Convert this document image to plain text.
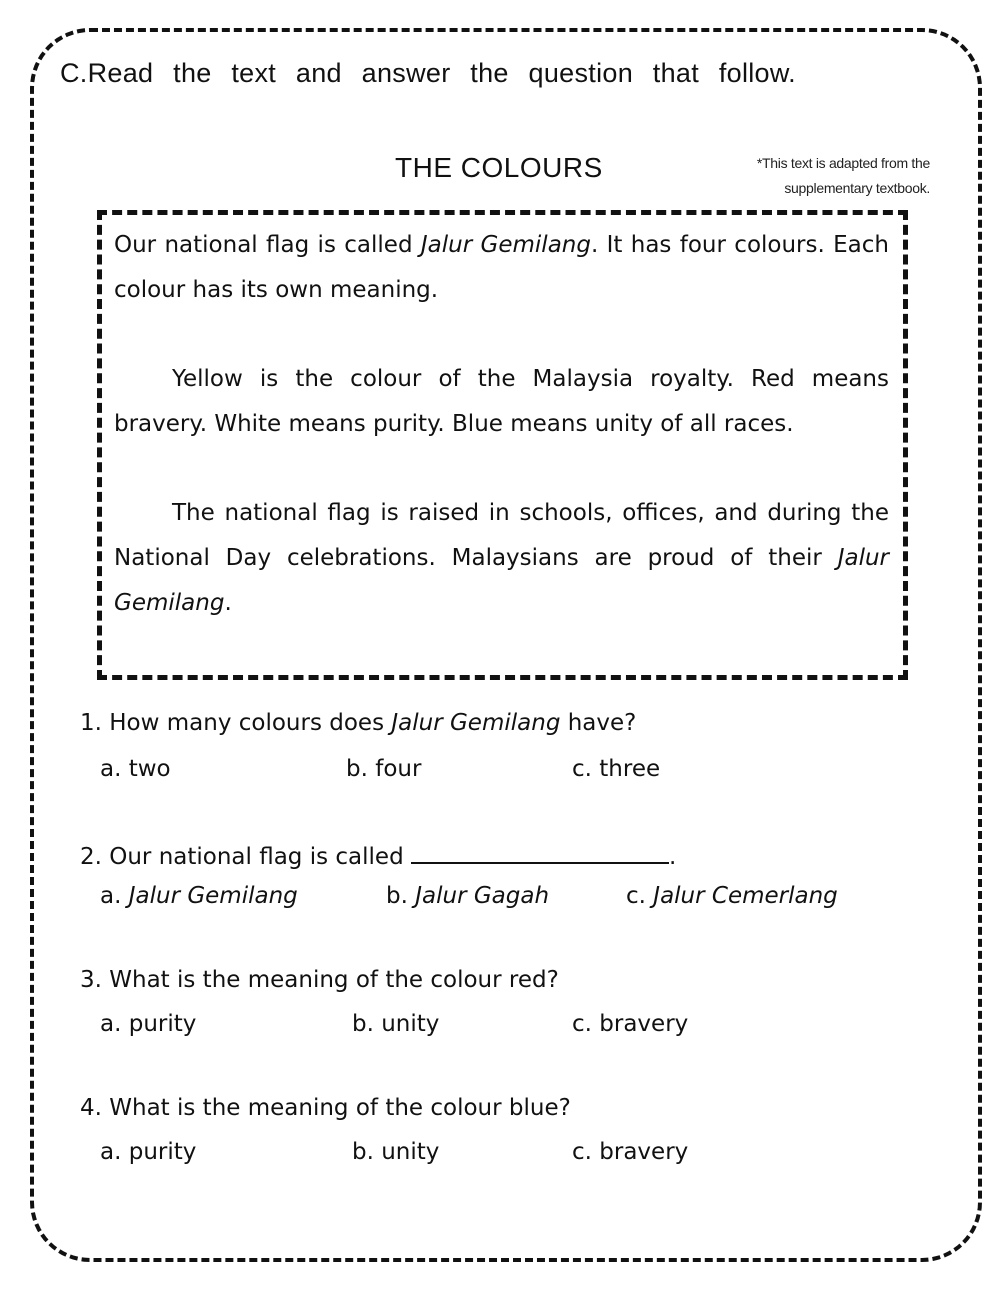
C.Read the text and answer the question that follow.
THE COLOURS	*This text is adapted from the
supplementary textbook.

Our national flag is called Jalur Gemilang. It has four colours. Each colour has its own meaning.

Yellow is the colour of the Malaysia royalty. Red means bravery. White means purity. Blue means unity of all races.

The national flag is raised in schools, offices, and during the National Day celebrations. Malaysians are proud of their Jalur Gemilang.

1. How many colours does Jalur Gemilang have?
a. two	b. four	c. three
2. Our national flag is called	.
a. Jalur Gemilang	b. Jalur Gagah	c. Jalur Cemerlang
3. What is the meaning of the colour red?
a. purity	b. unity	c. bravery
4. What is the meaning of the colour blue?
a. purity	b. unity	c. bravery
